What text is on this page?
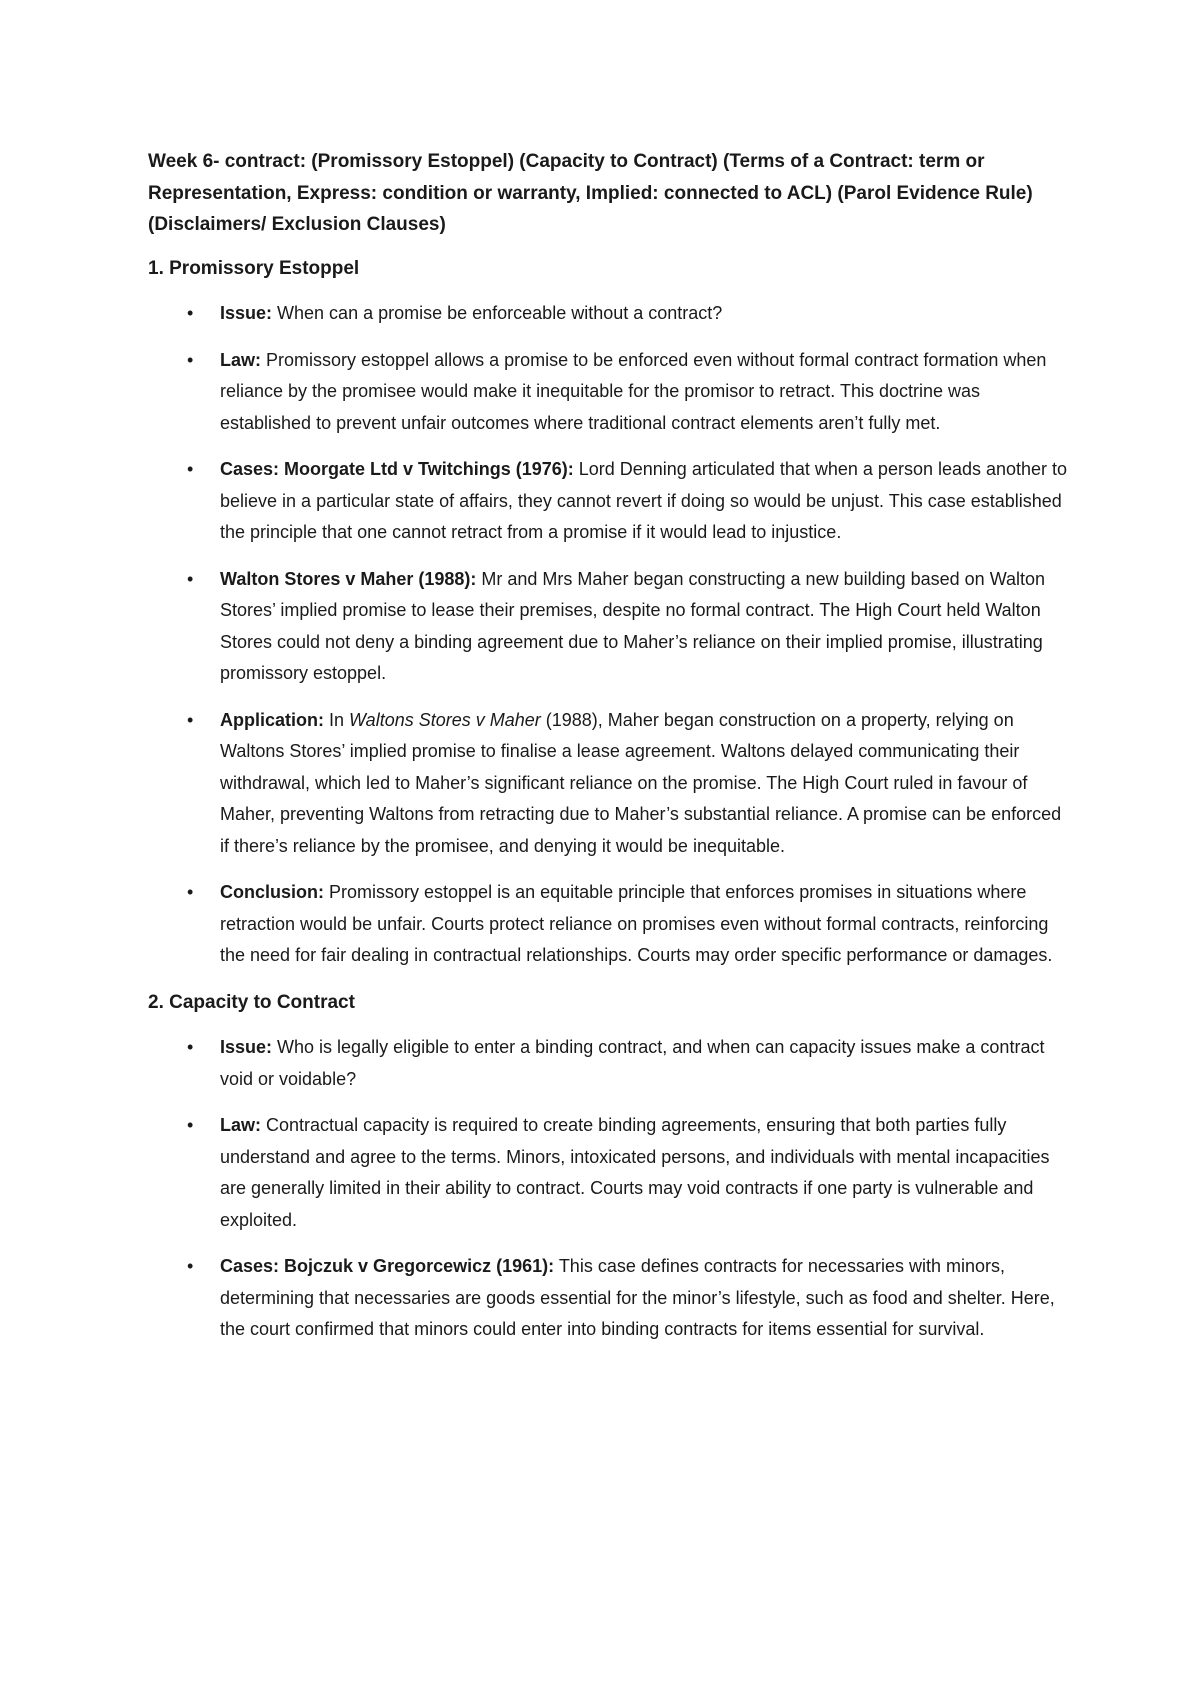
Week 6- contract: (Promissory Estoppel) (Capacity to Contract) (Terms of a Contract: term or Representation, Express: condition or warranty, Implied: connected to ACL) (Parol Evidence Rule) (Disclaimers/ Exclusion Clauses)

1. Promissory Estoppel

• Issue: When can a promise be enforceable without a contract?
• Law: Promissory estoppel allows a promise to be enforced even without formal contract formation when reliance by the promisee would make it inequitable for the promisor to retract. This doctrine was established to prevent unfair outcomes where traditional contract elements aren’t fully met.
• Cases: Moorgate Ltd v Twitchings (1976): Lord Denning articulated that when a person leads another to believe in a particular state of affairs, they cannot revert if doing so would be unjust. This case established the principle that one cannot retract from a promise if it would lead to injustice.
• Walton Stores v Maher (1988): Mr and Mrs Maher began constructing a new building based on Walton Stores’ implied promise to lease their premises, despite no formal contract. The High Court held Walton Stores could not deny a binding agreement due to Maher’s reliance on their implied promise, illustrating promissory estoppel.
• Application: In Waltons Stores v Maher (1988), Maher began construction on a property, relying on Waltons Stores’ implied promise to finalise a lease agreement. Waltons delayed communicating their withdrawal, which led to Maher’s significant reliance on the promise. The High Court ruled in favour of Maher, preventing Waltons from retracting due to Maher’s substantial reliance. A promise can be enforced if there’s reliance by the promisee, and denying it would be inequitable.
• Conclusion: Promissory estoppel is an equitable principle that enforces promises in situations where retraction would be unfair. Courts protect reliance on promises even without formal contracts, reinforcing the need for fair dealing in contractual relationships. Courts may order specific performance or damages.

2. Capacity to Contract

• Issue: Who is legally eligible to enter a binding contract, and when can capacity issues make a contract void or voidable?
• Law: Contractual capacity is required to create binding agreements, ensuring that both parties fully understand and agree to the terms. Minors, intoxicated persons, and individuals with mental incapacities are generally limited in their ability to contract. Courts may void contracts if one party is vulnerable and exploited.
• Cases: Bojczuk v Gregorcewicz (1961): This case defines contracts for necessaries with minors, determining that necessaries are goods essential for the minor’s lifestyle, such as food and shelter. Here, the court confirmed that minors could enter into binding contracts for items essential for survival.
